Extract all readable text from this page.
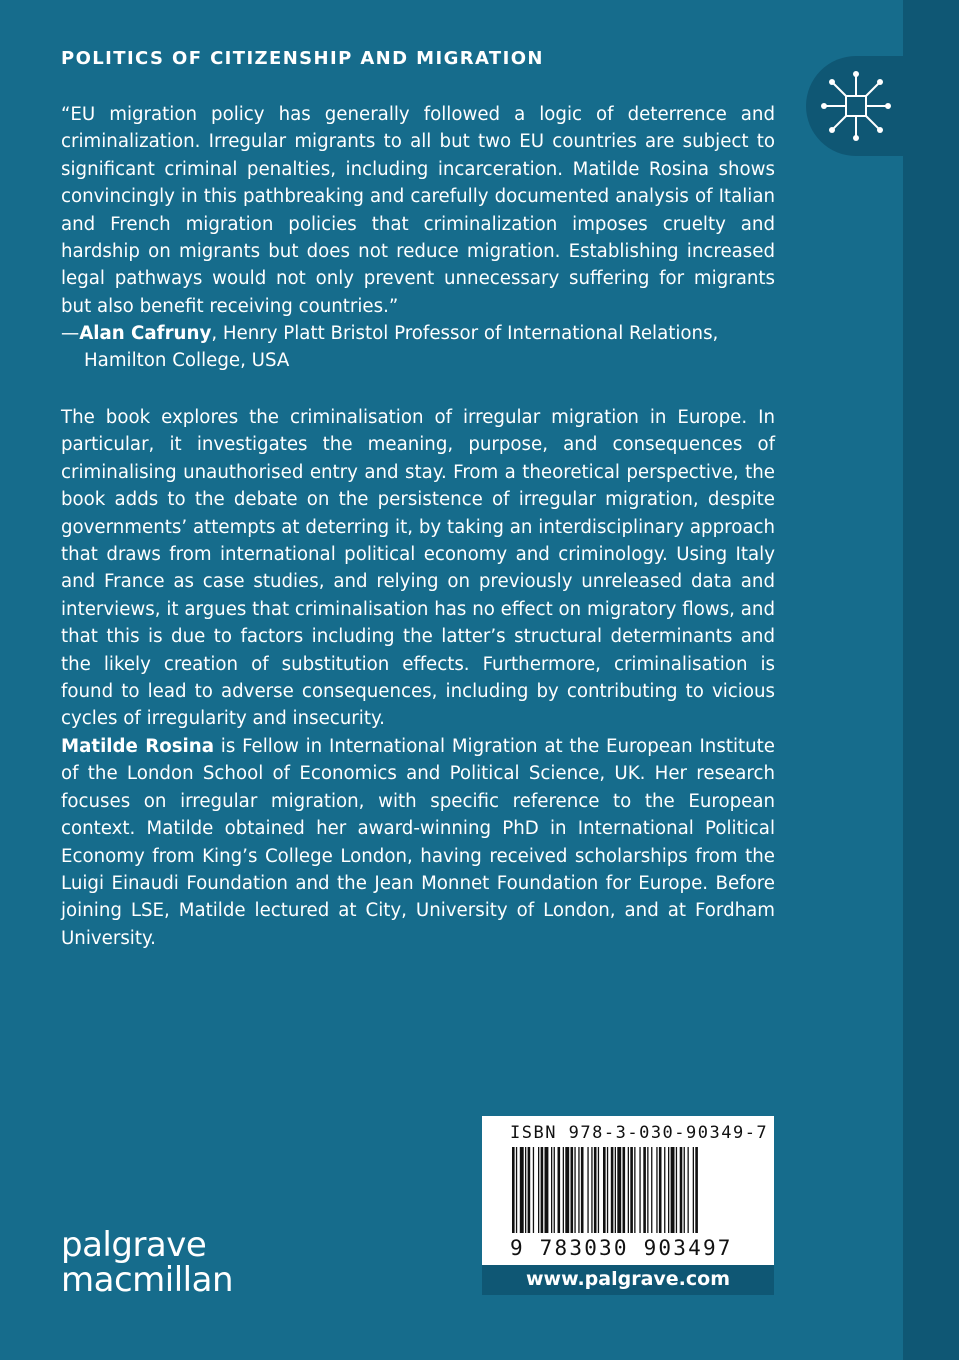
POLITICS OF CITIZENSHIP AND MIGRATION
“EU migration policy has generally followed a logic of deterrence and criminalization. Irregular migrants to all but two EU countries are subject to significant criminal penalties, including incarceration. Matilde Rosina shows convincingly in this pathbreaking and carefully documented analysis of Italian and French migration policies that criminalization imposes cruelty and hardship on migrants but does not reduce migration. Establishing increased legal pathways would not only prevent unnecessary suffering for migrants but also benefit receiving countries.”
—Alan Cafruny, Henry Platt Bristol Professor of International Relations,
Hamilton College, USA
The book explores the criminalisation of irregular migration in Europe. In particular, it investigates the meaning, purpose, and consequences of criminalising unauthorised entry and stay. From a theoretical perspective, the book adds to the debate on the persistence of irregular migration, despite governments’ attempts at deterring it, by taking an interdisciplinary approach that draws from international political economy and criminology. Using Italy and France as case studies, and relying on previously unreleased data and interviews, it argues that criminalisation has no effect on migratory flows, and that this is due to factors including the latter’s structural determinants and the likely creation of substitution effects. Furthermore, criminalisation is found to lead to adverse consequences, including by contributing to vicious cycles of irregularity and insecurity.
Matilde Rosina is Fellow in International Migration at the European Institute of the London School of Economics and Political Science, UK. Her research focuses on irregular migration, with specific reference to the European context. Matilde obtained her award-winning PhD in International Political Economy from King’s College London, having received scholarships from the Luigi Einaudi Foundation and the Jean Monnet Foundation for Europe. Before joining LSE, Matilde lectured at City, University of London, and at Fordham University.
ISBN 978-3-030-90349-7
9 783030 903497
www.palgrave.com
palgrave
macmillan
